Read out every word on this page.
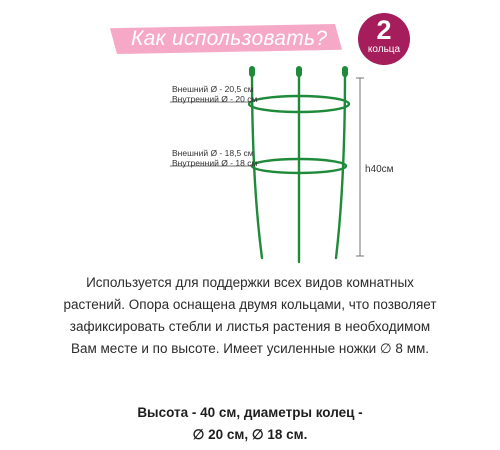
Как использовать?	2
кольца
Внешний Ø - 20,5 см
Внутренний Ø - 20 см
Внешний Ø - 18,5 см
Внутренний Ø - 18 см
h40см

Используется для поддержки всех видов комнатных растений. Опора оснащена двумя кольцами, что позволяет зафиксировать стебли и листья растения в необходимом Вам месте и по высоте. Имеет усиленные ножки ∅ 8 мм.

Высота - 40 см, диаметры колец -
∅ 20 см, ∅ 18 см.
